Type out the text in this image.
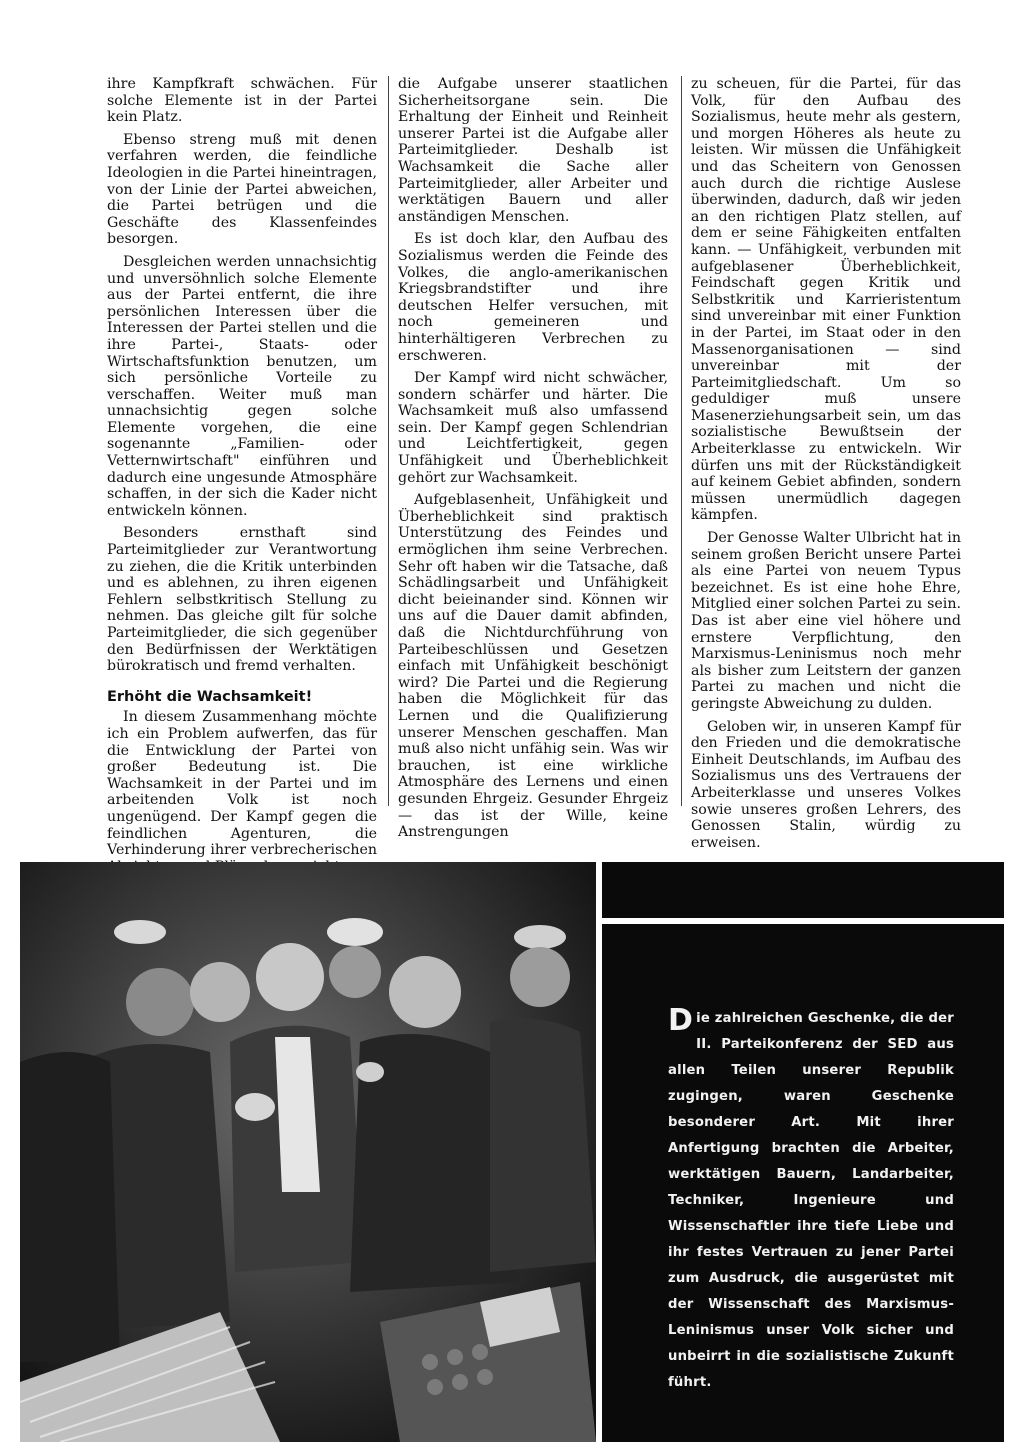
ihre Kampfkraft schwächen. Für solche Elemente ist in der Partei kein Platz.

Ebenso streng muß mit denen verfahren werden, die feindliche Ideologien in die Partei hineintragen, von der Linie der Partei abweichen, die Partei betrügen und die Geschäfte des Klassenfeindes besorgen.

Desgleichen werden unnachsichtig und unversöhnlich solche Elemente aus der Partei entfernt, die ihre persönlichen Interessen über die Interessen der Partei stellen und die ihre Partei-, Staats- oder Wirtschaftsfunktion benutzen, um sich persönliche Vorteile zu verschaffen. Weiter muß man unnachsichtig gegen solche Elemente vorgehen, die eine sogenannte „Familien- oder Vetternwirtschaft" einführen und dadurch eine ungesunde Atmosphäre schaffen, in der sich die Kader nicht entwickeln können.

Besonders ernsthaft sind Parteimitglieder zur Verantwortung zu ziehen, die die Kritik unterbinden und es ablehnen, zu ihren eigenen Fehlern selbstkritisch Stellung zu nehmen. Das gleiche gilt für solche Parteimitglieder, die sich gegenüber den Bedürfnissen der Werktätigen bürokratisch und fremd verhalten.

Erhöht die Wachsamkeit!

In diesem Zusammenhang möchte ich ein Problem aufwerfen, das für die Entwicklung der Partei von großer Bedeutung ist. Die Wachsamkeit in der Partei und im arbeitenden Volk ist noch ungenügend. Der Kampf gegen die feindlichen Agenturen, die Verhinderung ihrer verbrecherischen

die Aufgabe unserer staatlichen Sicherheitsorgane sein. Die Erhaltung der Einheit und Reinheit unserer Partei ist die Aufgabe aller Parteimitglieder. Deshalb ist Wachsamkeit die Sache aller Parteimitglieder, aller Arbeiter und werktätigen Bauern und aller anständigen Menschen.

Es ist doch klar, den Aufbau des Sozialismus werden die Feinde des Volkes, die anglo-amerikanischen Kriegsbrandstifter und ihre deutschen Helfer versuchen, mit noch gemeineren und hinterhältigeren Verbrechen zu erschweren.

Der Kampf wird nicht schwächer, sondern schärfer und härter. Die Wachsamkeit muß also umfassend sein. Der Kampf gegen Schlendrian und Leichtfertigkeit, gegen Unfähigkeit und Überheblichkeit gehört zur Wachsamkeit.

Aufgeblasenheit, Unfähigkeit und Überheblichkeit sind praktisch Unterstützung des Feindes und ermöglichen ihm seine Verbrechen. Sehr oft haben wir die Tatsache, daß Schädlingsarbeit und Unfähigkeit dicht beieinander sind. Können wir uns auf die Dauer damit abfinden, daß die Nichtdurchführung von Parteibeschlüssen und Gesetzen einfach mit Unfähigkeit beschönigt wird? Die Partei und die Regierung haben die Möglichkeit für das Lernen und die Qualifizierung unserer Menschen geschaffen. Man muß also nicht unfähig sein. Was wir brauchen, ist eine wirkliche Atmosphäre des Lernens und einen gesunden Ehrgeiz. Gesunder Ehrgeiz — das ist der Wille, keine Anstrengungen

zu scheuen, für die Partei, für das Volk, für den Aufbau des Sozialismus, heute mehr als gestern, und morgen Höheres als heute zu leisten. Wir müssen die Unfähigkeit und das Scheitern von Genossen auch durch die richtige Auslese überwinden, dadurch, daß wir jeden an den richtigen Platz stellen, auf dem er seine Fähigkeiten entfalten kann. — Unfähigkeit, verbunden mit aufgeblasener Überheblichkeit, Feindschaft gegen Kritik und Selbstkritik und Karrieristentum sind unvereinbar mit einer Funktion in der Partei, im Staat oder in den Massenorganisationen — sind unvereinbar mit der Parteimitgliedschaft. Um so geduldiger muß unsere Masenerziehungsarbeit sein, um das sozialistische Bewußtsein der Arbeiterklasse zu entwickeln. Wir dürfen uns mit der Rückständigkeit auf keinem Gebiet abfinden, sondern müssen unermüdlich dagegen kämpfen.

Der Genosse Walter Ulbricht hat in seinem großen Bericht unsere Partei als eine Partei von neuem Typus bezeichnet. Es ist eine hohe Ehre, Mitglied einer solchen Partei zu sein. Das ist aber eine viel höhere und ernstere Verpflichtung, den Marxismus-Leninismus noch mehr als bisher zum Leitstern der ganzen Partei zu machen und nicht die geringste Abweichung zu dulden.

Geloben wir, in unseren Kampf für den Frieden und die demokratische Einheit Deutschlands, im Aufbau des Sozialismus uns des Vertrauens der Arbeiterklasse und unseres Volkes sowie unseres großen Lehrers, des Genossen Stalin, würdig zu erweisen.

Die zahlreichen Geschenke, die der II. Parteikonferenz der SED aus allen Teilen unserer Republik zugingen, waren Geschenke besonderer Art. Mit ihrer Anfertigung brachten die Arbeiter, werktätigen Bauern, Landarbeiter, Techniker, Ingenieure und Wissenschaftler ihre tiefe Liebe und ihr festes Vertrauen zu jener Partei zum Ausdruck, die ausgerüstet mit der Wissenschaft des Marxismus-Leninismus unser Volk sicher und unbeirrt in die sozialistische Zukunft führt.
